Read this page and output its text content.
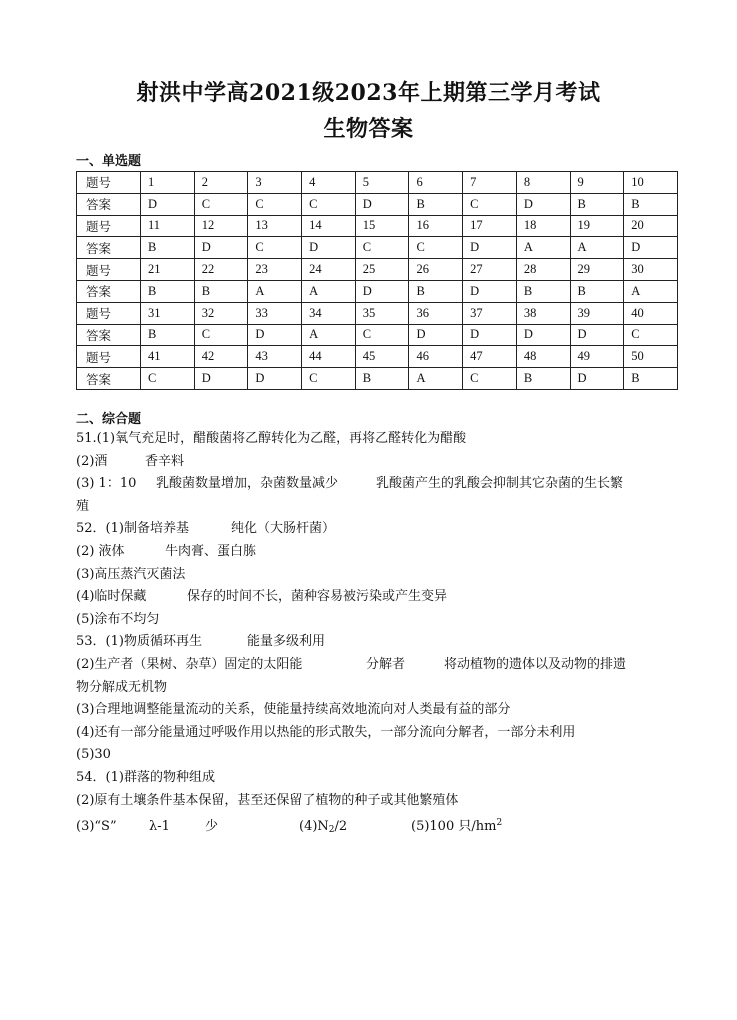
射洪中学高2021级2023年上期第三学月考试
生物答案
一、单选题
题号	1	2	3	4	5	6	7	8	9	10
答案	D	C	C	C	D	B	C	D	B	B
题号	11	12	13	14	15	16	17	18	19	20
答案	B	D	C	D	C	C	D	A	A	D
题号	21	22	23	24	25	26	27	28	29	30
答案	B	B	A	A	D	B	D	B	B	A
题号	31	32	33	34	35	36	37	38	39	40
答案	B	C	D	A	C	D	D	D	D	C
题号	41	42	43	44	45	46	47	48	49	50
答案	C	D	D	C	B	A	C	B	D	B
二、综合题
51.(1)氧气充足时，醋酸菌将乙醇转化为乙醛，再将乙醛转化为醋酸
(2)酒	香辛料
(3) 1：10 乳酸菌数量增加，杂菌数量减少	乳酸菌产生的乳酸会抑制其它杂菌的生长繁
殖
52．(1)制备培养基	纯化（大肠杆菌）
(2) 液体	牛肉膏、蛋白胨
(3)高压蒸汽灭菌法
(4)临时保藏	保存的时间不长，菌种容易被污染或产生变异
(5)涂布不均匀
53．(1)物质循环再生	能量多级利用
(2)生产者（果树、杂草）固定的太阳能	分解者	将动植物的遗体以及动物的排遗
物分解成无机物
(3)合理地调整能量流动的关系，使能量持续高效地流向对人类最有益的部分
(4)还有一部分能量通过呼吸作用以热能的形式散失，一部分流向分解者，一部分未利用
(5)30
54．(1)群落的物种组成
(2)原有土壤条件基本保留，甚至还保留了植物的种子或其他繁殖体
(3)“S” λ-1	少	$(4)N_2/2$	(5)100 只$/hm^2$
